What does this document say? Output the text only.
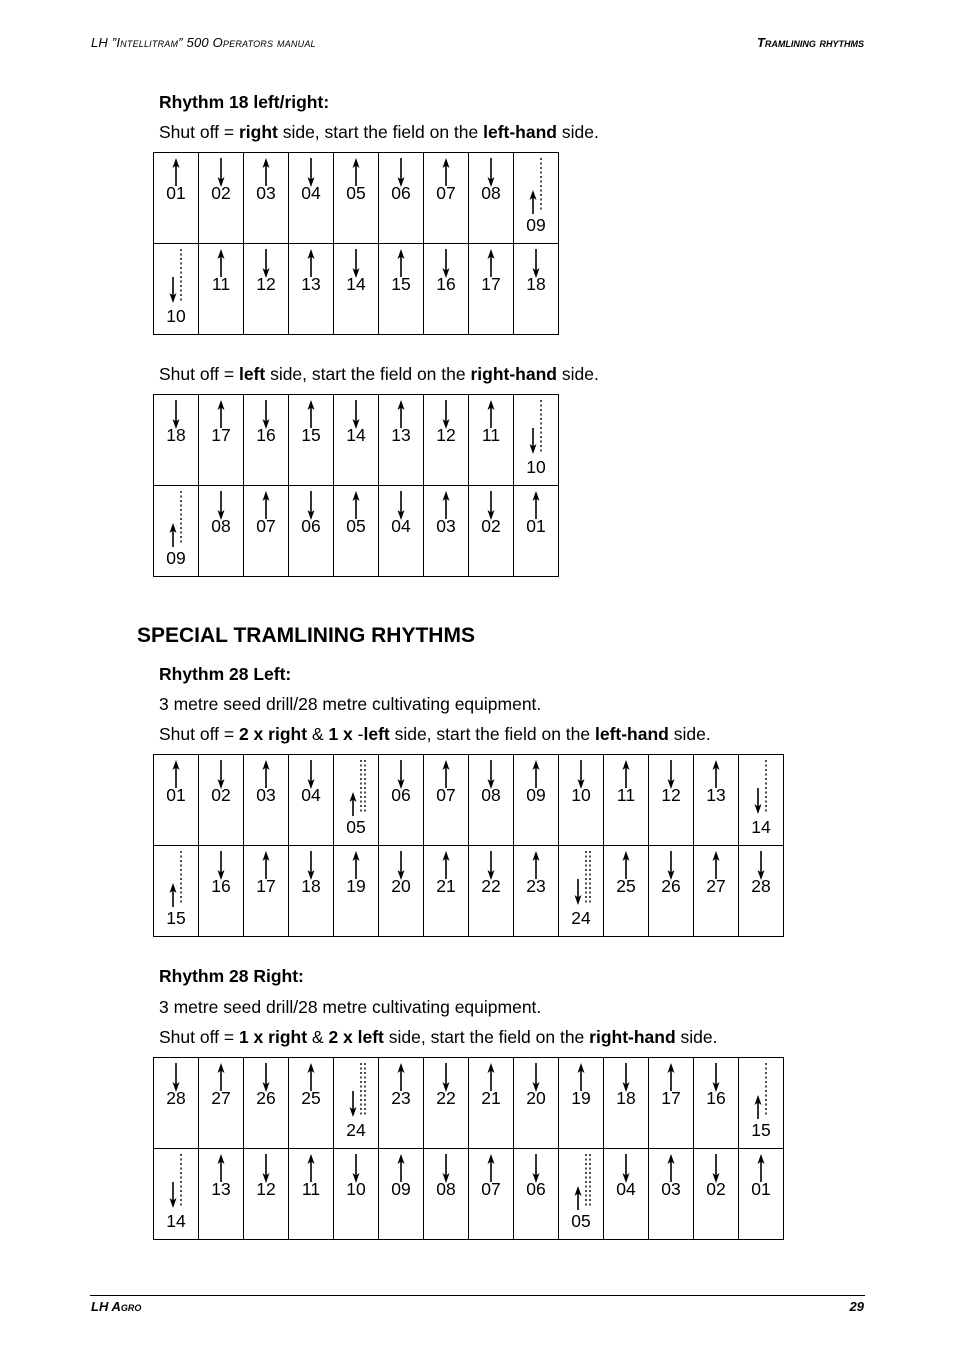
LH ”Intellitram” 500 Operators manual	Tramlining rhythms
Rhythm 18 left/right:
Shut off = right side, start the field on the left-hand side.
01	02	03	04	05	06	07	08	09

10	11	12	13	14	15	16	17	18
Shut off = left side, start the field on the right-hand side.
18	17	16	15	14	13	12	11	10

09	08	07	06	05	04	03	02	01
SPECIAL TRAMLINING RHYTHMS
Rhythm 28 Left:
3 metre seed drill/28 metre cultivating equipment.
Shut off = 2 x right & 1 x -left side, start the field on the left-hand side.
01	02	03	04	05	06	07	08	09	10	11	12	13	14

15	16	17	18	19	20	21	22	23	24	25	26	27	28
Rhythm 28 Right:
3 metre seed drill/28 metre cultivating equipment.
Shut off = 1 x right & 2 x left side, start the field on the right-hand side.
28	27	26	25	24	23	22	21	20	19	18	17	16	15

14	13	12	11	10	09	08	07	06	05	04	03	02	01
LH Agro	29
